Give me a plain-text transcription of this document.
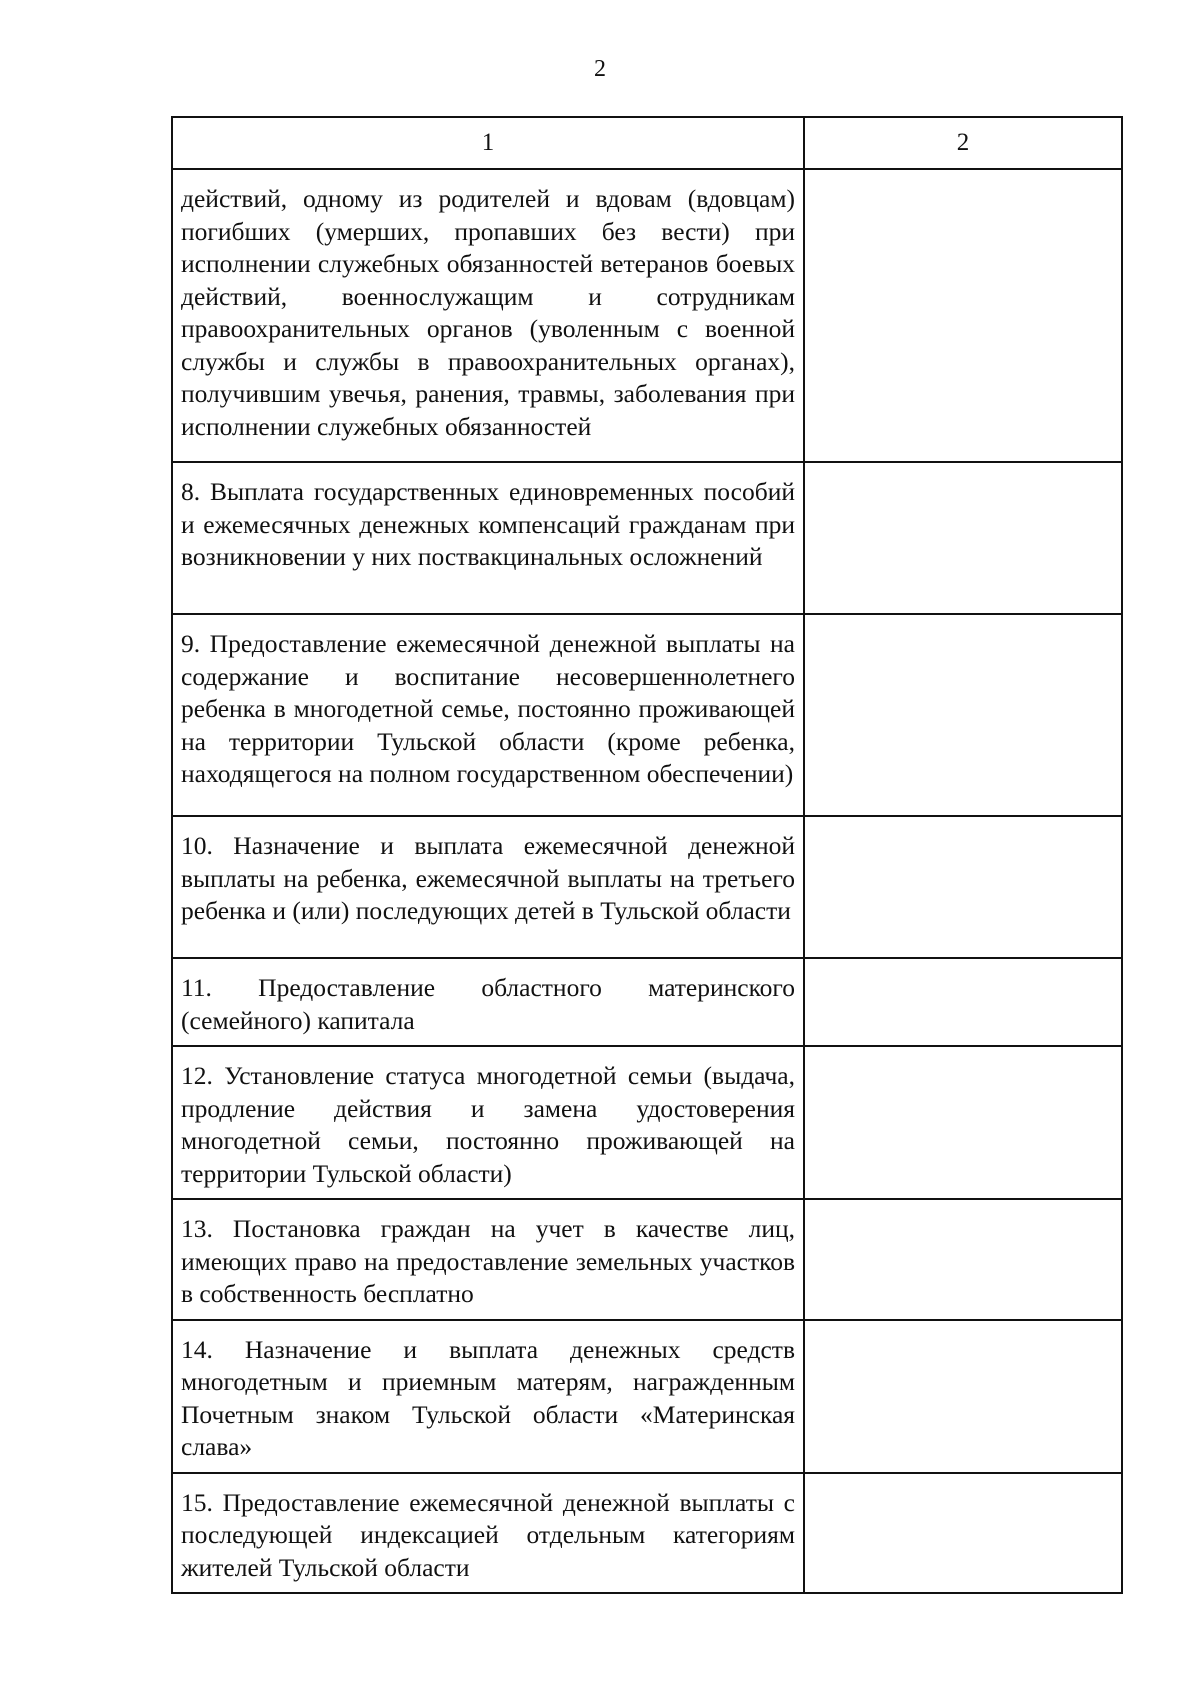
2
1	2
действий, одному из родителей и вдовам (вдовцам) погибших (умерших, пропавших без вести) при исполнении служебных обязанностей ветеранов боевых действий, военнослужащим и сотрудникам правоохранительных органов (уволенным с военной службы и службы в правоохранительных органах), получившим увечья, ранения, травмы, заболевания при исполнении служебных обязанностей	
8. Выплата государственных единовременных пособий и ежемесячных денежных компенсаций гражданам при возникновении у них поствакцинальных осложнений	
9. Предоставление ежемесячной денежной выплаты на содержание и воспитание несовершеннолетнего ребенка в многодетной семье, постоянно проживающей на территории Тульской области (кроме ребенка, находящегося на полном государственном обеспечении)	
10. Назначение и выплата ежемесячной денежной выплаты на ребенка, ежемесячной выплаты на третьего ребенка и (или) последующих детей в Тульской области	
11. Предоставление областного материнского (семейного) капитала	
12. Установление статуса многодетной семьи (выдача, продление действия и замена удостоверения многодетной семьи, постоянно проживающей на территории Тульской области)	
13. Постановка граждан на учет в качестве лиц, имеющих право на предоставление земельных участков в собственность бесплатно	
14. Назначение и выплата денежных средств многодетным и приемным матерям, награжденным Почетным знаком Тульской области «Материнская слава»	
15. Предоставление ежемесячной денежной выплаты с последующей индексацией отдельным категориям жителей Тульской области	
